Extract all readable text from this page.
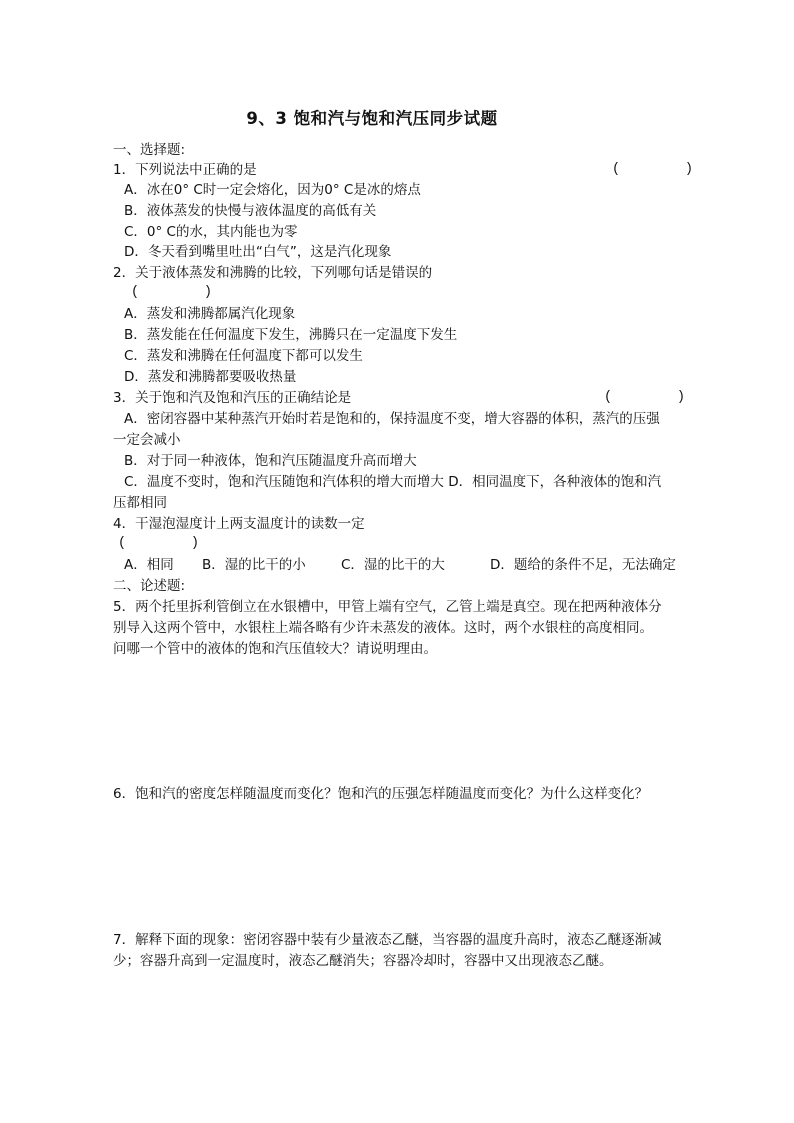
9、3 饱和汽与饱和汽压同步试题
一、选择题:
1．下列说法中正确的是	(        )
A．冰在0° C时一定会熔化，因为0° C是冰的熔点
B．液体蒸发的快慢与液体温度的高低有关
C．0° C的水，其内能也为零
D．冬天看到嘴里吐出“白气”，这是汽化现象
2．关于液体蒸发和沸腾的比较，下列哪句话是错误的
(        )
A．蒸发和沸腾都属汽化现象
B．蒸发能在任何温度下发生，沸腾只在一定温度下发生
C．蒸发和沸腾在任何温度下都可以发生
D．蒸发和沸腾都要吸收热量
3．关于饱和汽及饱和汽压的正确结论是	(        )
A．密闭容器中某种蒸汽开始时若是饱和的，保持温度不变，增大容器的体积，蒸汽的压强
一定会减小
B．对于同一种液体，饱和汽压随温度升高而增大
C．温度不变时，饱和汽压随饱和汽体积的增大而增大 D．相同温度下，各种液体的饱和汽
压都相同
4．干湿泡湿度计上两支温度计的读数一定
(        )
A．相同 B．湿的比干的小	C．湿的比干的大	D．题给的条件不足，无法确定
二、论述题:
5．两个托里拆利管倒立在水银槽中，甲管上端有空气，乙管上端是真空。现在把两种液体分
别导入这两个管中，水银柱上端各略有少许未蒸发的液体。这时，两个水银柱的高度相同。
问哪一个管中的液体的饱和汽压值较大？请说明理由。
6．饱和汽的密度怎样随温度而变化？饱和汽的压强怎样随温度而变化？为什么这样变化？
7．解释下面的现象：密闭容器中装有少量液态乙醚，当容器的温度升高时，液态乙醚逐渐减
少；容器升高到一定温度时，液态乙醚消失；容器冷却时，容器中又出现液态乙醚。
